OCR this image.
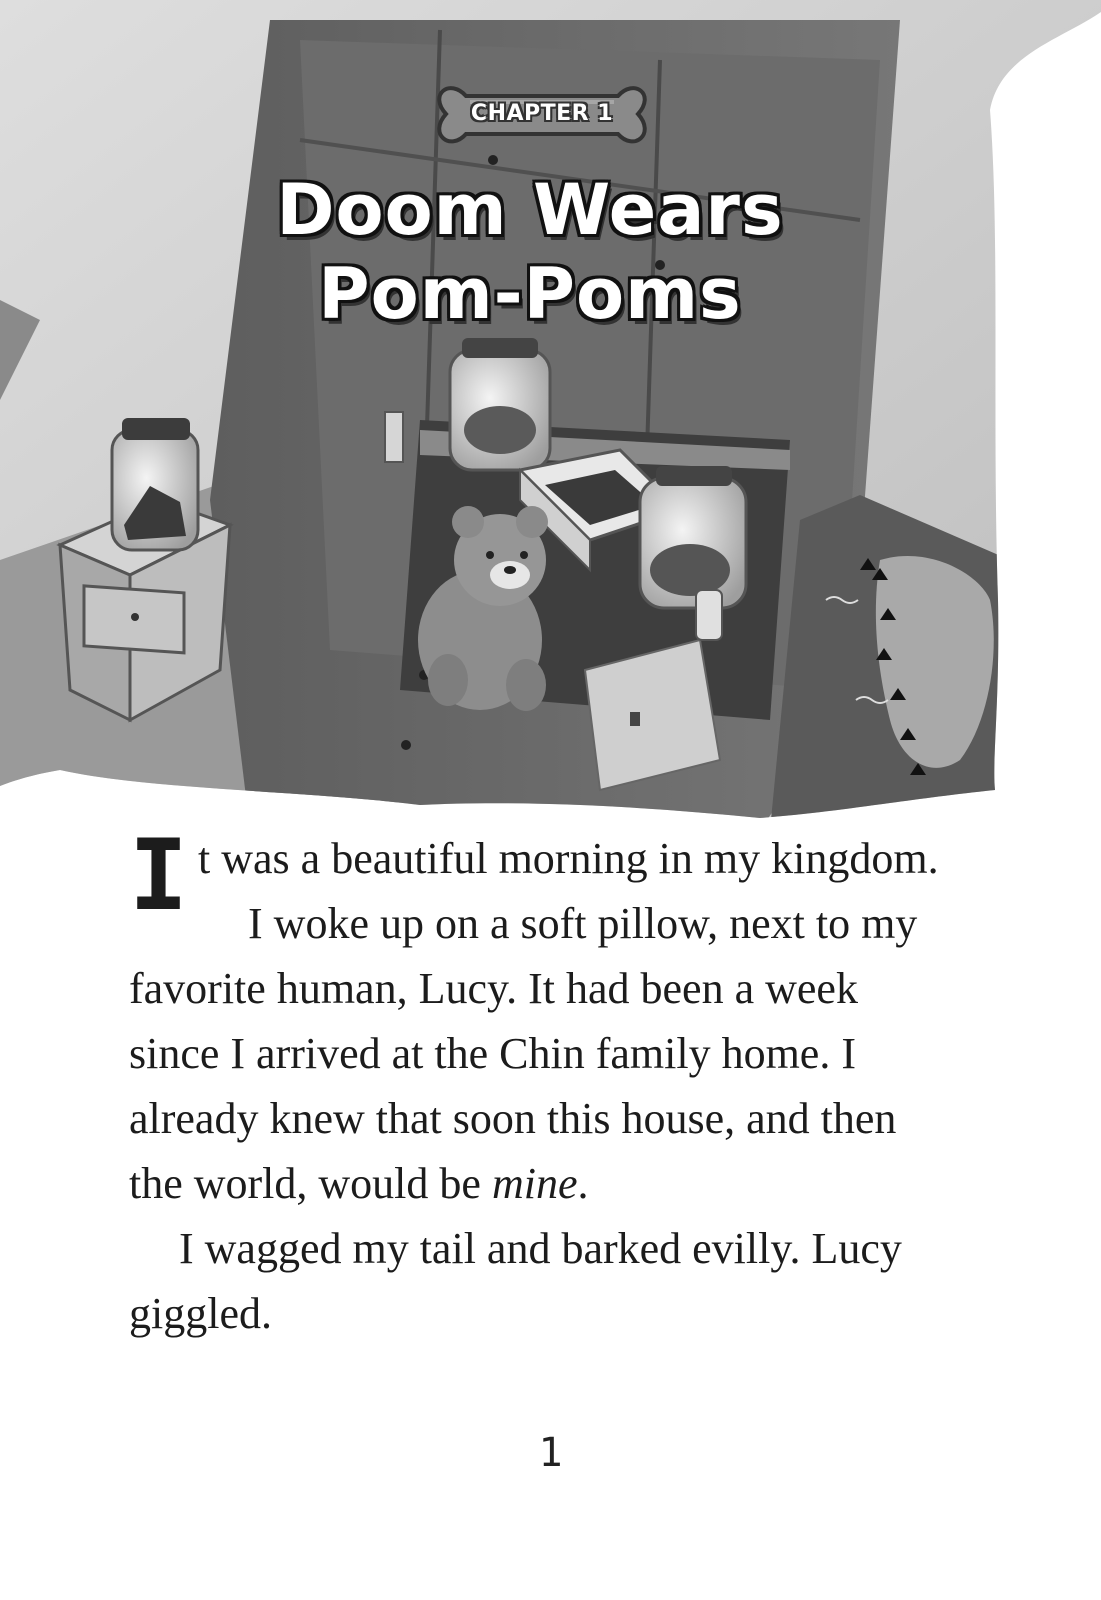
CHAPTER 1
Doom Wears
Pom-Poms

It was a beautiful morning in my kingdom.

I woke up on a soft pillow, next to my favorite human, Lucy. It had been a week since I arrived at the Chin family home. I already knew that soon this house, and then the world, would be mine.

I wagged my tail and barked evilly. Lucy giggled.

1
